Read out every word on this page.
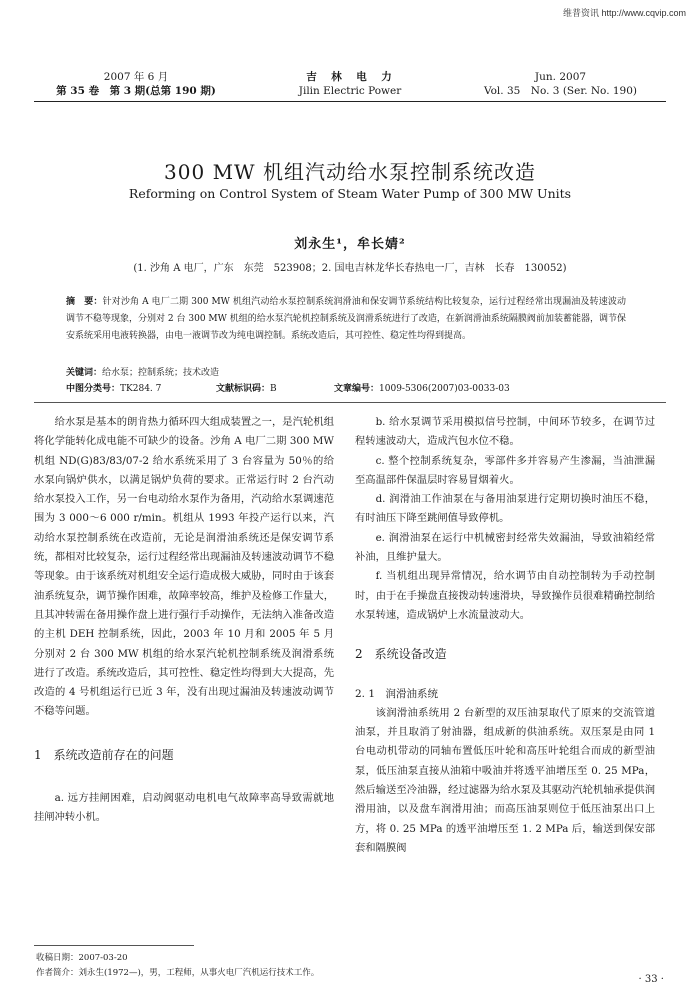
维普资讯 http://www.cqvip.com
2007 年 6 月
第 35 卷　第 3 期(总第 190 期)
吉　林　电　力
Jilin Electric Power
Jun. 2007
Vol. 35　No. 3 (Ser. No. 190)
300 MW 机组汽动给水泵控制系统改造
Reforming on Control System of Steam Water Pump of 300 MW Units
刘永生¹，牟长婧²
(1. 沙角 A 电厂，广东　东莞　523908；2. 国电吉林龙华长春热电一厂，吉林　长春　130052)
摘　要：针对沙角 A 电厂二期 300 MW 机组汽动给水泵控制系统润滑油和保安调节系统结构比较复杂，运行过程经常出现漏油及转速波动调节不稳等现象，分别对 2 台 300 MW 机组的给水泵汽轮机控制系统及润滑系统进行了改造，在新润滑油系统隔膜阀前加装蓄能器，调节保安系统采用电液转换器，由电一液调节改为纯电调控制。系统改造后，其可控性、稳定性均得到提高。
关键词：给水泵；控制系统；技术改造
中图分类号：TK284. 7	文献标识码：B	文章编号：1009-5306(2007)03-0033-03

给水泵是基本的朗肯热力循环四大组成装置之一，是汽轮机组将化学能转化成电能不可缺少的设备。沙角 A 电厂二期 300 MW 机组 ND(G)83/83/07-2 给水系统采用了 3 台容量为 50％的给水泵向锅炉供水，以满足锅炉负荷的要求。正常运行时 2 台汽动给水泵投入工作，另一台电动给水泵作为备用，汽动给水泵调速范围为 3 000～6 000 r/min。机组从 1993 年投产运行以来，汽动给水泵控制系统在改造前，无论是润滑油系统还是保安调节系统，都相对比较复杂，运行过程经常出现漏油及转速波动调节不稳等现象。由于该系统对机组安全运行造成极大威胁，同时由于该套油系统复杂，调节操作困难，故障率较高，维护及检修工作量大，且其冲转需在备用操作盘上进行强行手动操作，无法纳入准备改造的主机 DEH 控制系统，因此，2003 年 10 月和 2005 年 5 月分别对 2 台 300 MW 机组的给水泵汽轮机控制系统及润滑系统进行了改造。系统改造后，其可控性、稳定性均得到大大提高，先改造的 4 号机组运行已近 3 年，没有出现过漏油及转速波动调节不稳等问题。

1　系统改造前存在的问题

a. 远方挂闸困难，启动阀驱动电机电气故障率高导致需就地挂闸冲转小机。

b. 给水泵调节采用模拟信号控制，中间环节较多，在调节过程转速波动大，造成汽包水位不稳。

c. 整个控制系统复杂，零部件多并容易产生渗漏，当油泄漏至高温部件保温层时容易冒烟着火。

d. 润滑油工作油泵在与备用油泵进行定期切换时油压不稳，有时油压下降至跳闸值导致停机。

e. 润滑油泵在运行中机械密封经常失效漏油，导致油箱经常补油，且维护量大。

f. 当机组出现异常情况，给水调节由自动控制转为手动控制时，由于在手操盘直接拨动转速滑块，导致操作员很难精确控制给水泵转速，造成锅炉上水流量波动大。

2　系统设备改造

2. 1　润滑油系统

该润滑油系统用 2 台新型的双压油泵取代了原来的交流管道油泵，并且取消了射油器，组成新的供油系统。双压泵是由同 1 台电动机带动的同轴布置低压叶轮和高压叶轮组合而成的新型油泵，低压油泵直接从油箱中吸油并将透平油增压至 0. 25 MPa，然后输送至冷油器，经过滤器为给水泵及其驱动汽轮机轴承提供润滑用油，以及盘车润滑用油；而高压油泵则位于低压油泵出口上方，将 0. 25 MPa 的透平油增压至 1. 2 MPa 后，输送到保安部套和隔膜阀

收稿日期：2007-03-20
作者简介：刘永生(1972—)，男，工程师，从事火电厂汽机运行技术工作。
· 33 ·
